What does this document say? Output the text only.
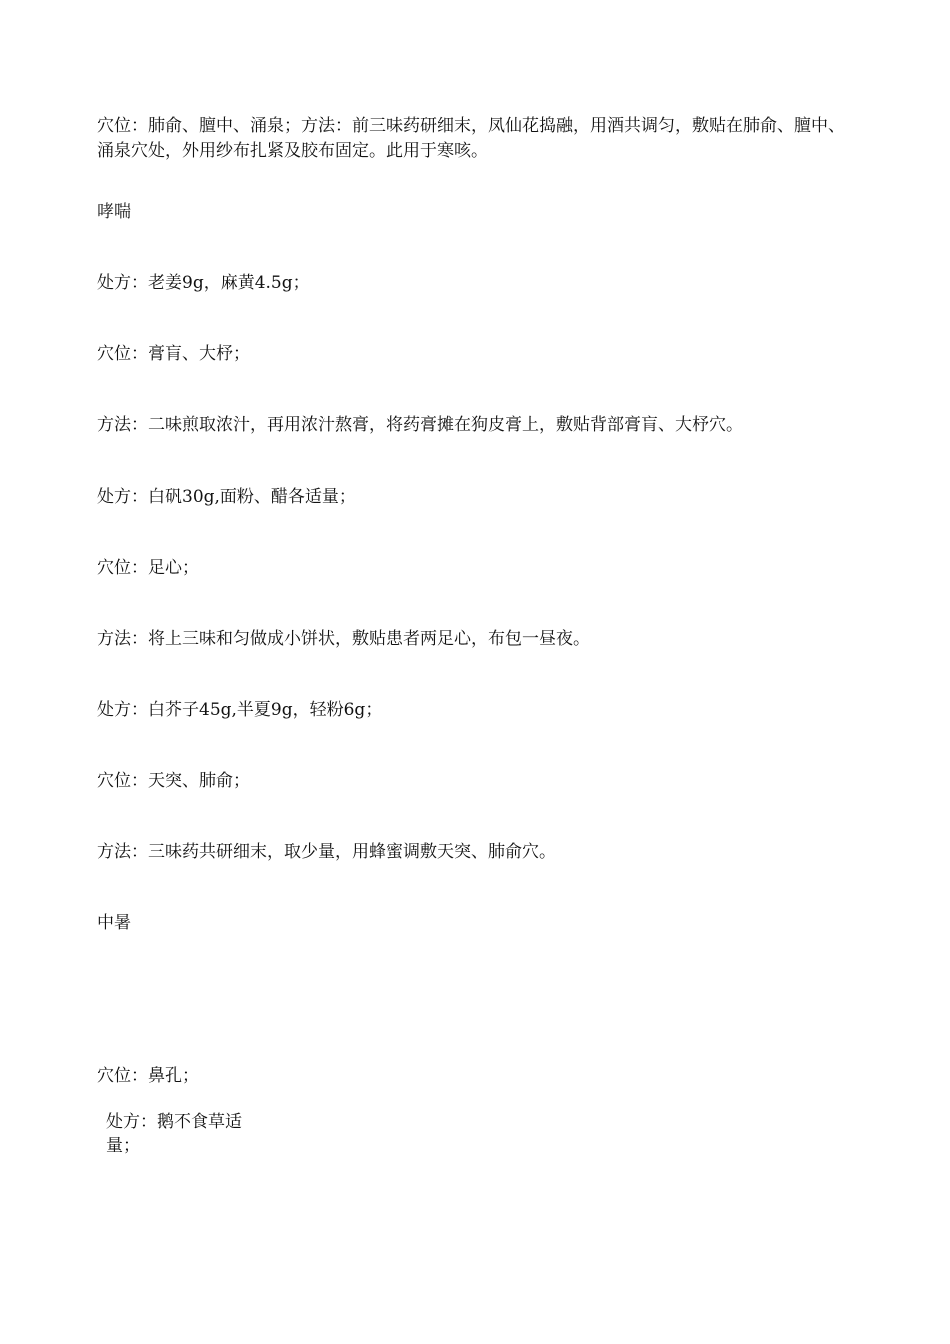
穴位：肺俞、膻中、涌泉；方法：前三味药研细末，凤仙花捣融，用酒共调匀，敷贴在肺俞、膻中、涌泉穴处，外用纱布扎紧及胶布固定。此用于寒咳。

哮喘

处方：老姜9g，麻黄4.5g；

穴位：膏肓、大杼；

方法：二味煎取浓汁，再用浓汁熬膏，将药膏摊在狗皮膏上，敷贴背部膏肓、大杼穴。

处方：白矾30g,面粉、醋各适量；

穴位：足心；

方法：将上三味和匀做成小饼状，敷贴患者两足心，布包一昼夜。

处方：白芥子45g,半夏9g，轻粉6g；

穴位：天突、肺俞；

方法：三味药共研细末，取少量，用蜂蜜调敷天突、肺俞穴。

中暑

穴位：鼻孔；

处方：鹅不食草适量；
